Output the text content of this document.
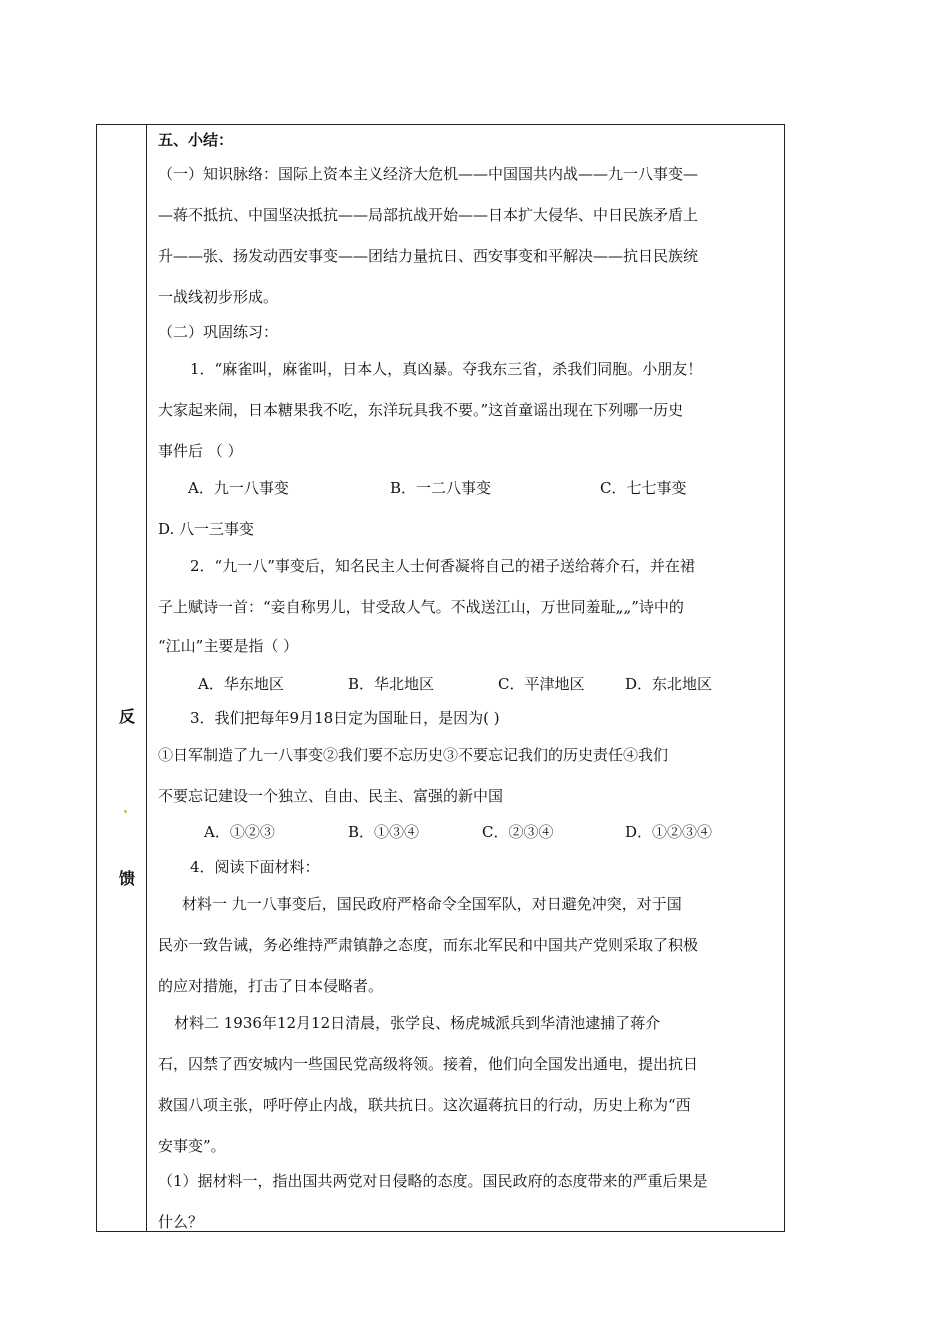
反
馈
五、小结：
（一）知识脉络：国际上资本主义经济大危机——中国国共内战——九一八事变—
—蒋不抵抗、中国坚决抵抗——局部抗战开始——日本扩大侵华、中日民族矛盾上
升——张、扬发动西安事变——团结力量抗日、西安事变和平解决——抗日民族统
一战线初步形成。
（二）巩固练习：
1．“麻雀叫，麻雀叫，日本人，真凶暴。夺我东三省，杀我们同胞。小朋友！
大家起来闹，日本糖果我不吃，东洋玩具我不要。”这首童谣出现在下列哪一历史
事件后 （ ）
A．九一八事变	B．一二八事变	C．七七事变
D. 八一三事变
2．“九一八”事变后，知名民主人士何香凝将自己的裙子送给蒋介石，并在裙
子上赋诗一首：“妾自称男儿，甘受敌人气。不战送江山，万世同羞耻„„”诗中的
“江山”主要是指（ ）
A．华东地区	B．华北地区	C．平津地区	D．东北地区
3．我们把每年9月18日定为国耻日，是因为( )
①日军制造了九一八事变②我们要不忘历史③不要忘记我们的历史责任④我们
不要忘记建设一个独立、自由、民主、富强的新中国
A．①②③	B．①③④	C．②③④	D．①②③④
4．阅读下面材料：
材料一 九一八事变后，国民政府严格命令全国军队，对日避免冲突，对于国
民亦一致告诫，务必维持严肃镇静之态度，而东北军民和中国共产党则采取了积极
的应对措施，打击了日本侵略者。
材料二 1936年12月12日清晨，张学良、杨虎城派兵到华清池逮捕了蒋介
石，囚禁了西安城内一些国民党高级将领。接着，他们向全国发出通电，提出抗日
救国八项主张，呼吁停止内战，联共抗日。这次逼蒋抗日的行动，历史上称为“西
安事变”。
（1）据材料一，指出国共两党对日侵略的态度。国民政府的态度带来的严重后果是
什么？
